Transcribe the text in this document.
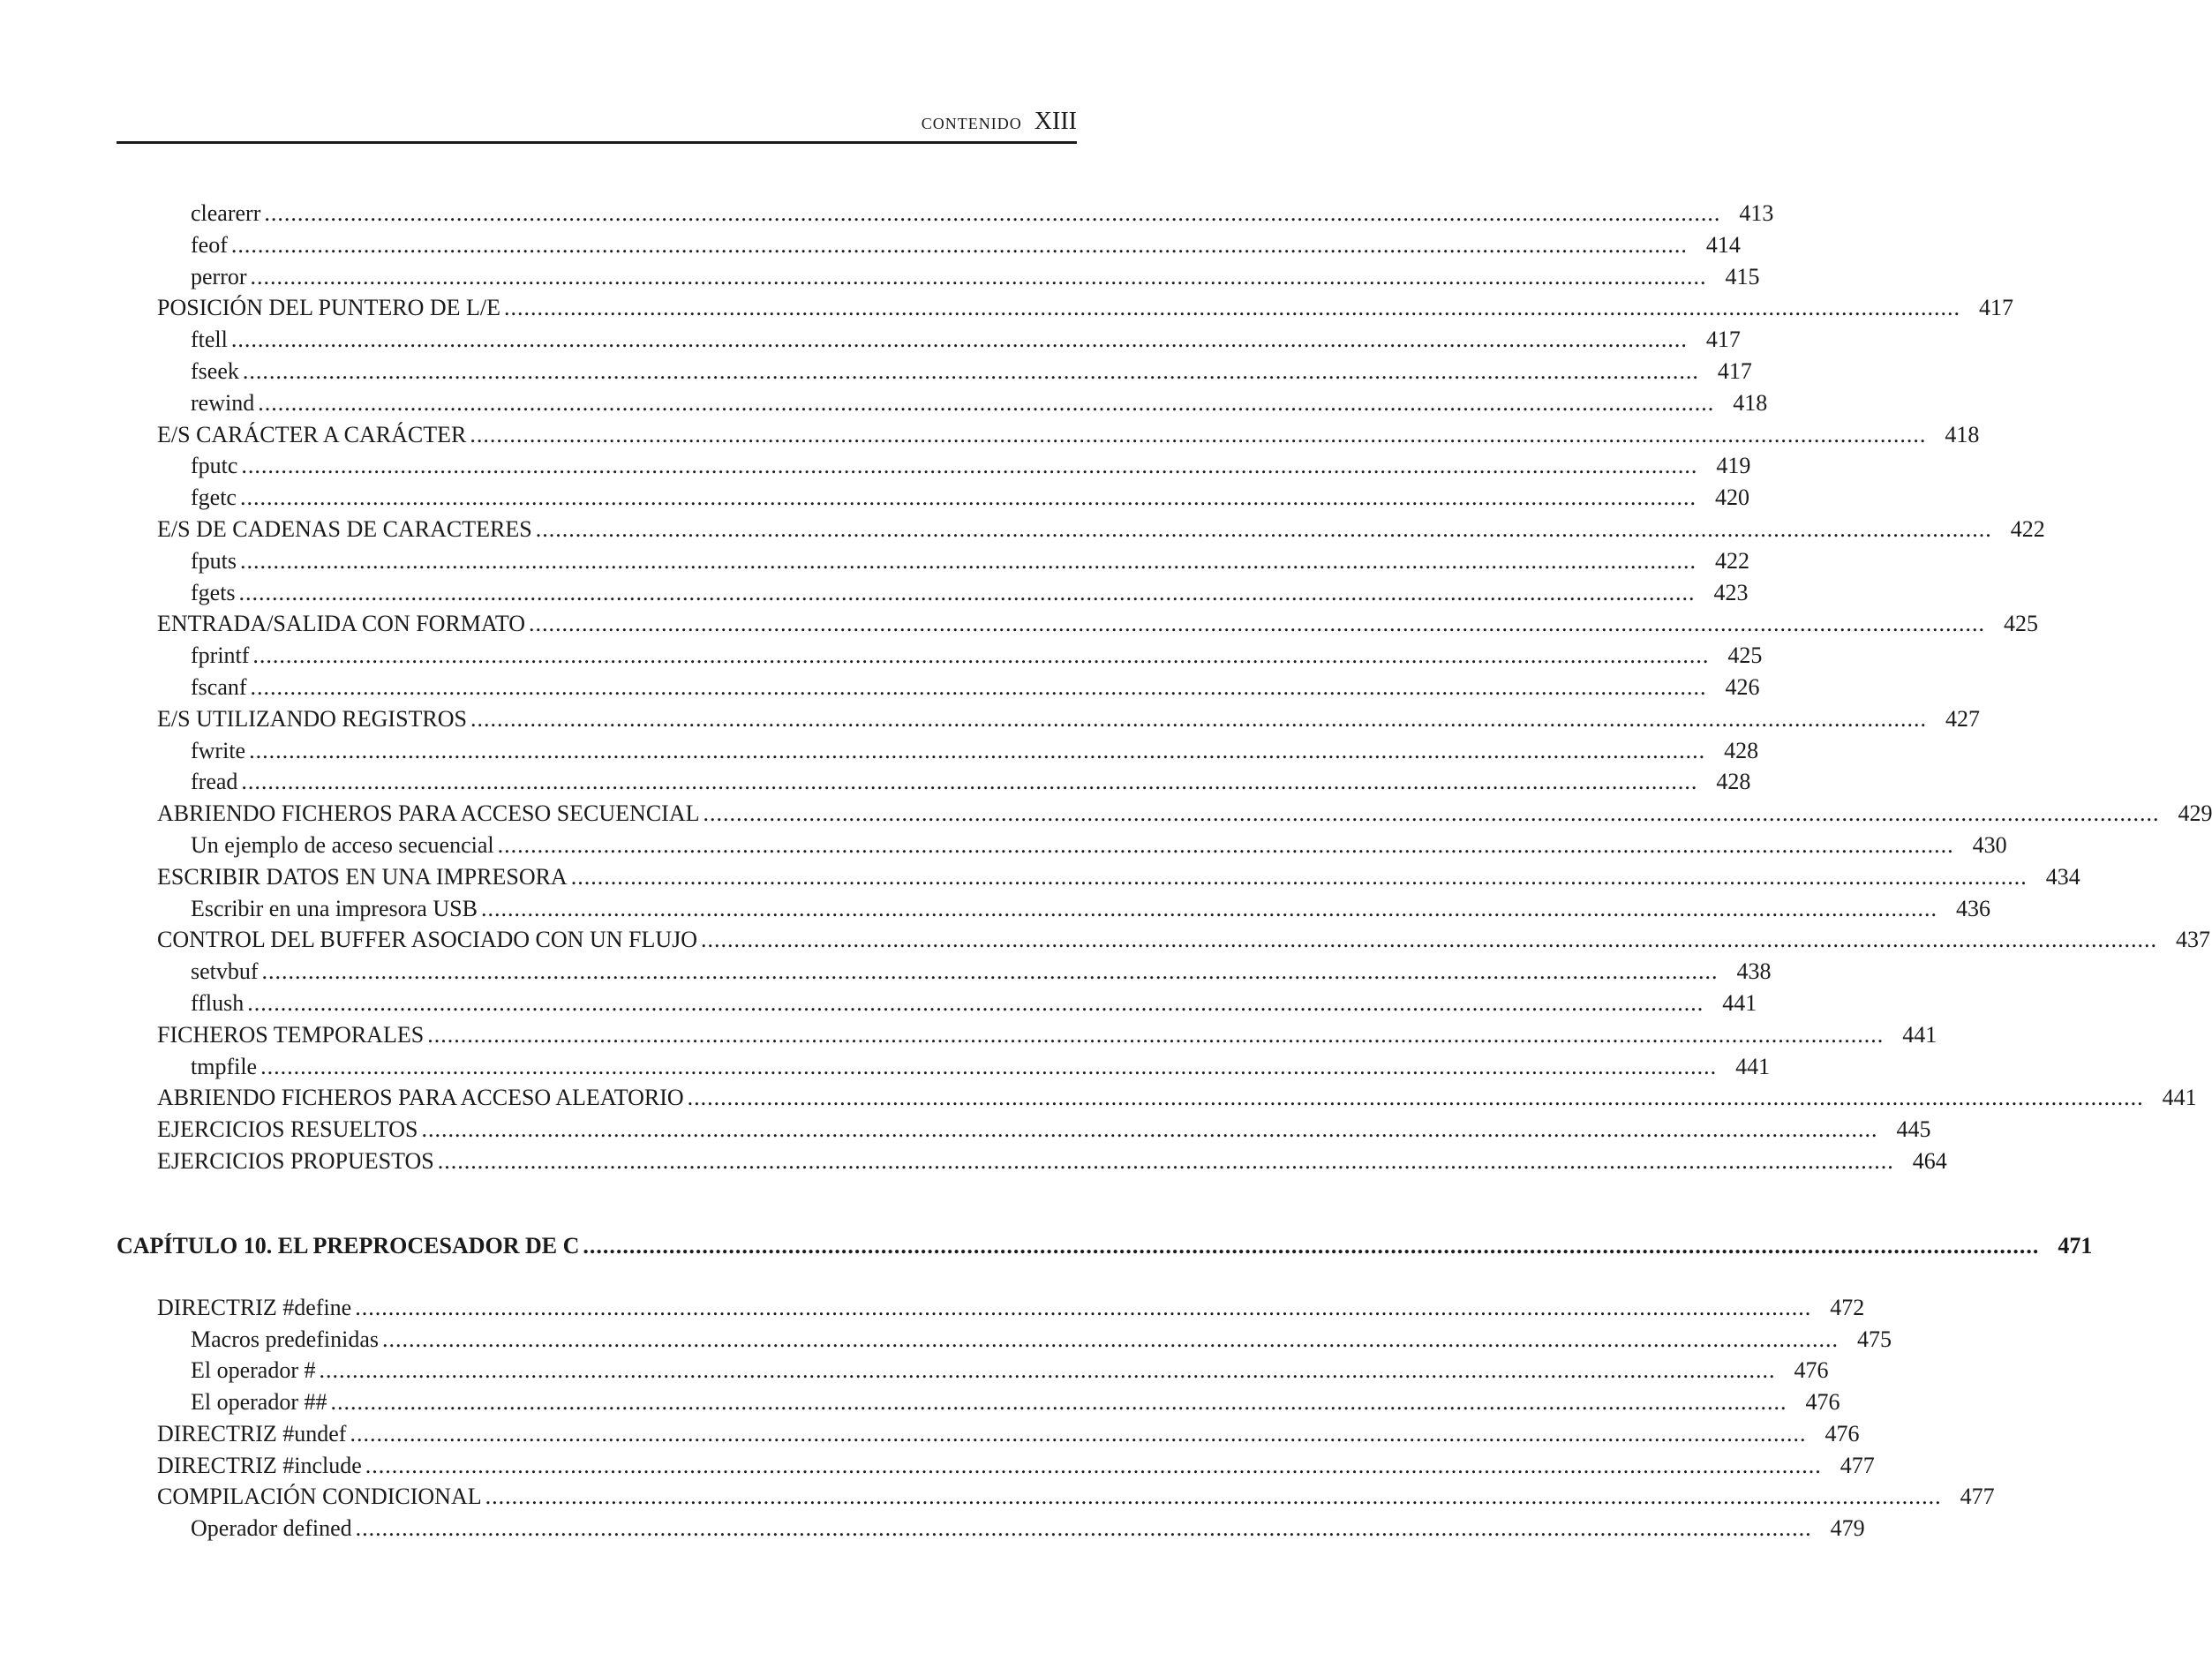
CONTENIDO XIII
clearerr ............................................................................................................................................................................................................................ 413
feof ............................................................................................................................................................................................................................ 414
perror ............................................................................................................................................................................................................................ 415
POSICIÓN DEL PUNTERO DE L/E ............................................................................................................................................................................................................................ 417
ftell ............................................................................................................................................................................................................................ 417
fseek ............................................................................................................................................................................................................................ 417
rewind ............................................................................................................................................................................................................................ 418
E/S CARÁCTER A CARÁCTER ............................................................................................................................................................................................................................ 418
fputc ............................................................................................................................................................................................................................ 419
fgetc ............................................................................................................................................................................................................................ 420
E/S DE CADENAS DE CARACTERES ............................................................................................................................................................................................................................ 422
fputs ............................................................................................................................................................................................................................ 422
fgets ............................................................................................................................................................................................................................ 423
ENTRADA/SALIDA CON FORMATO ............................................................................................................................................................................................................................ 425
fprintf ............................................................................................................................................................................................................................ 425
fscanf ............................................................................................................................................................................................................................ 426
E/S UTILIZANDO REGISTROS ............................................................................................................................................................................................................................ 427
fwrite ............................................................................................................................................................................................................................ 428
fread ............................................................................................................................................................................................................................ 428
ABRIENDO FICHEROS PARA ACCESO SECUENCIAL ............................................................................................................................................................................................................................ 429
Un ejemplo de acceso secuencial ............................................................................................................................................................................................................................ 430
ESCRIBIR DATOS EN UNA IMPRESORA ............................................................................................................................................................................................................................ 434
Escribir en una impresora USB ............................................................................................................................................................................................................................ 436
CONTROL DEL BUFFER ASOCIADO CON UN FLUJO ............................................................................................................................................................................................................................ 437
setvbuf ............................................................................................................................................................................................................................ 438
fflush ............................................................................................................................................................................................................................ 441
FICHEROS TEMPORALES ............................................................................................................................................................................................................................ 441
tmpfile ............................................................................................................................................................................................................................ 441
ABRIENDO FICHEROS PARA ACCESO ALEATORIO ............................................................................................................................................................................................................................ 441
EJERCICIOS RESUELTOS ............................................................................................................................................................................................................................ 445
EJERCICIOS PROPUESTOS ............................................................................................................................................................................................................................ 464
CAPÍTULO 10. EL PREPROCESADOR DE C ............................................................................................................................................................................................................................ 471
DIRECTRIZ #define ............................................................................................................................................................................................................................ 472
Macros predefinidas ............................................................................................................................................................................................................................ 475
El operador # ............................................................................................................................................................................................................................ 476
El operador ## ............................................................................................................................................................................................................................ 476
DIRECTRIZ #undef ............................................................................................................................................................................................................................ 476
DIRECTRIZ #include ............................................................................................................................................................................................................................ 477
COMPILACIÓN CONDICIONAL ............................................................................................................................................................................................................................ 477
Operador defined ............................................................................................................................................................................................................................ 479
